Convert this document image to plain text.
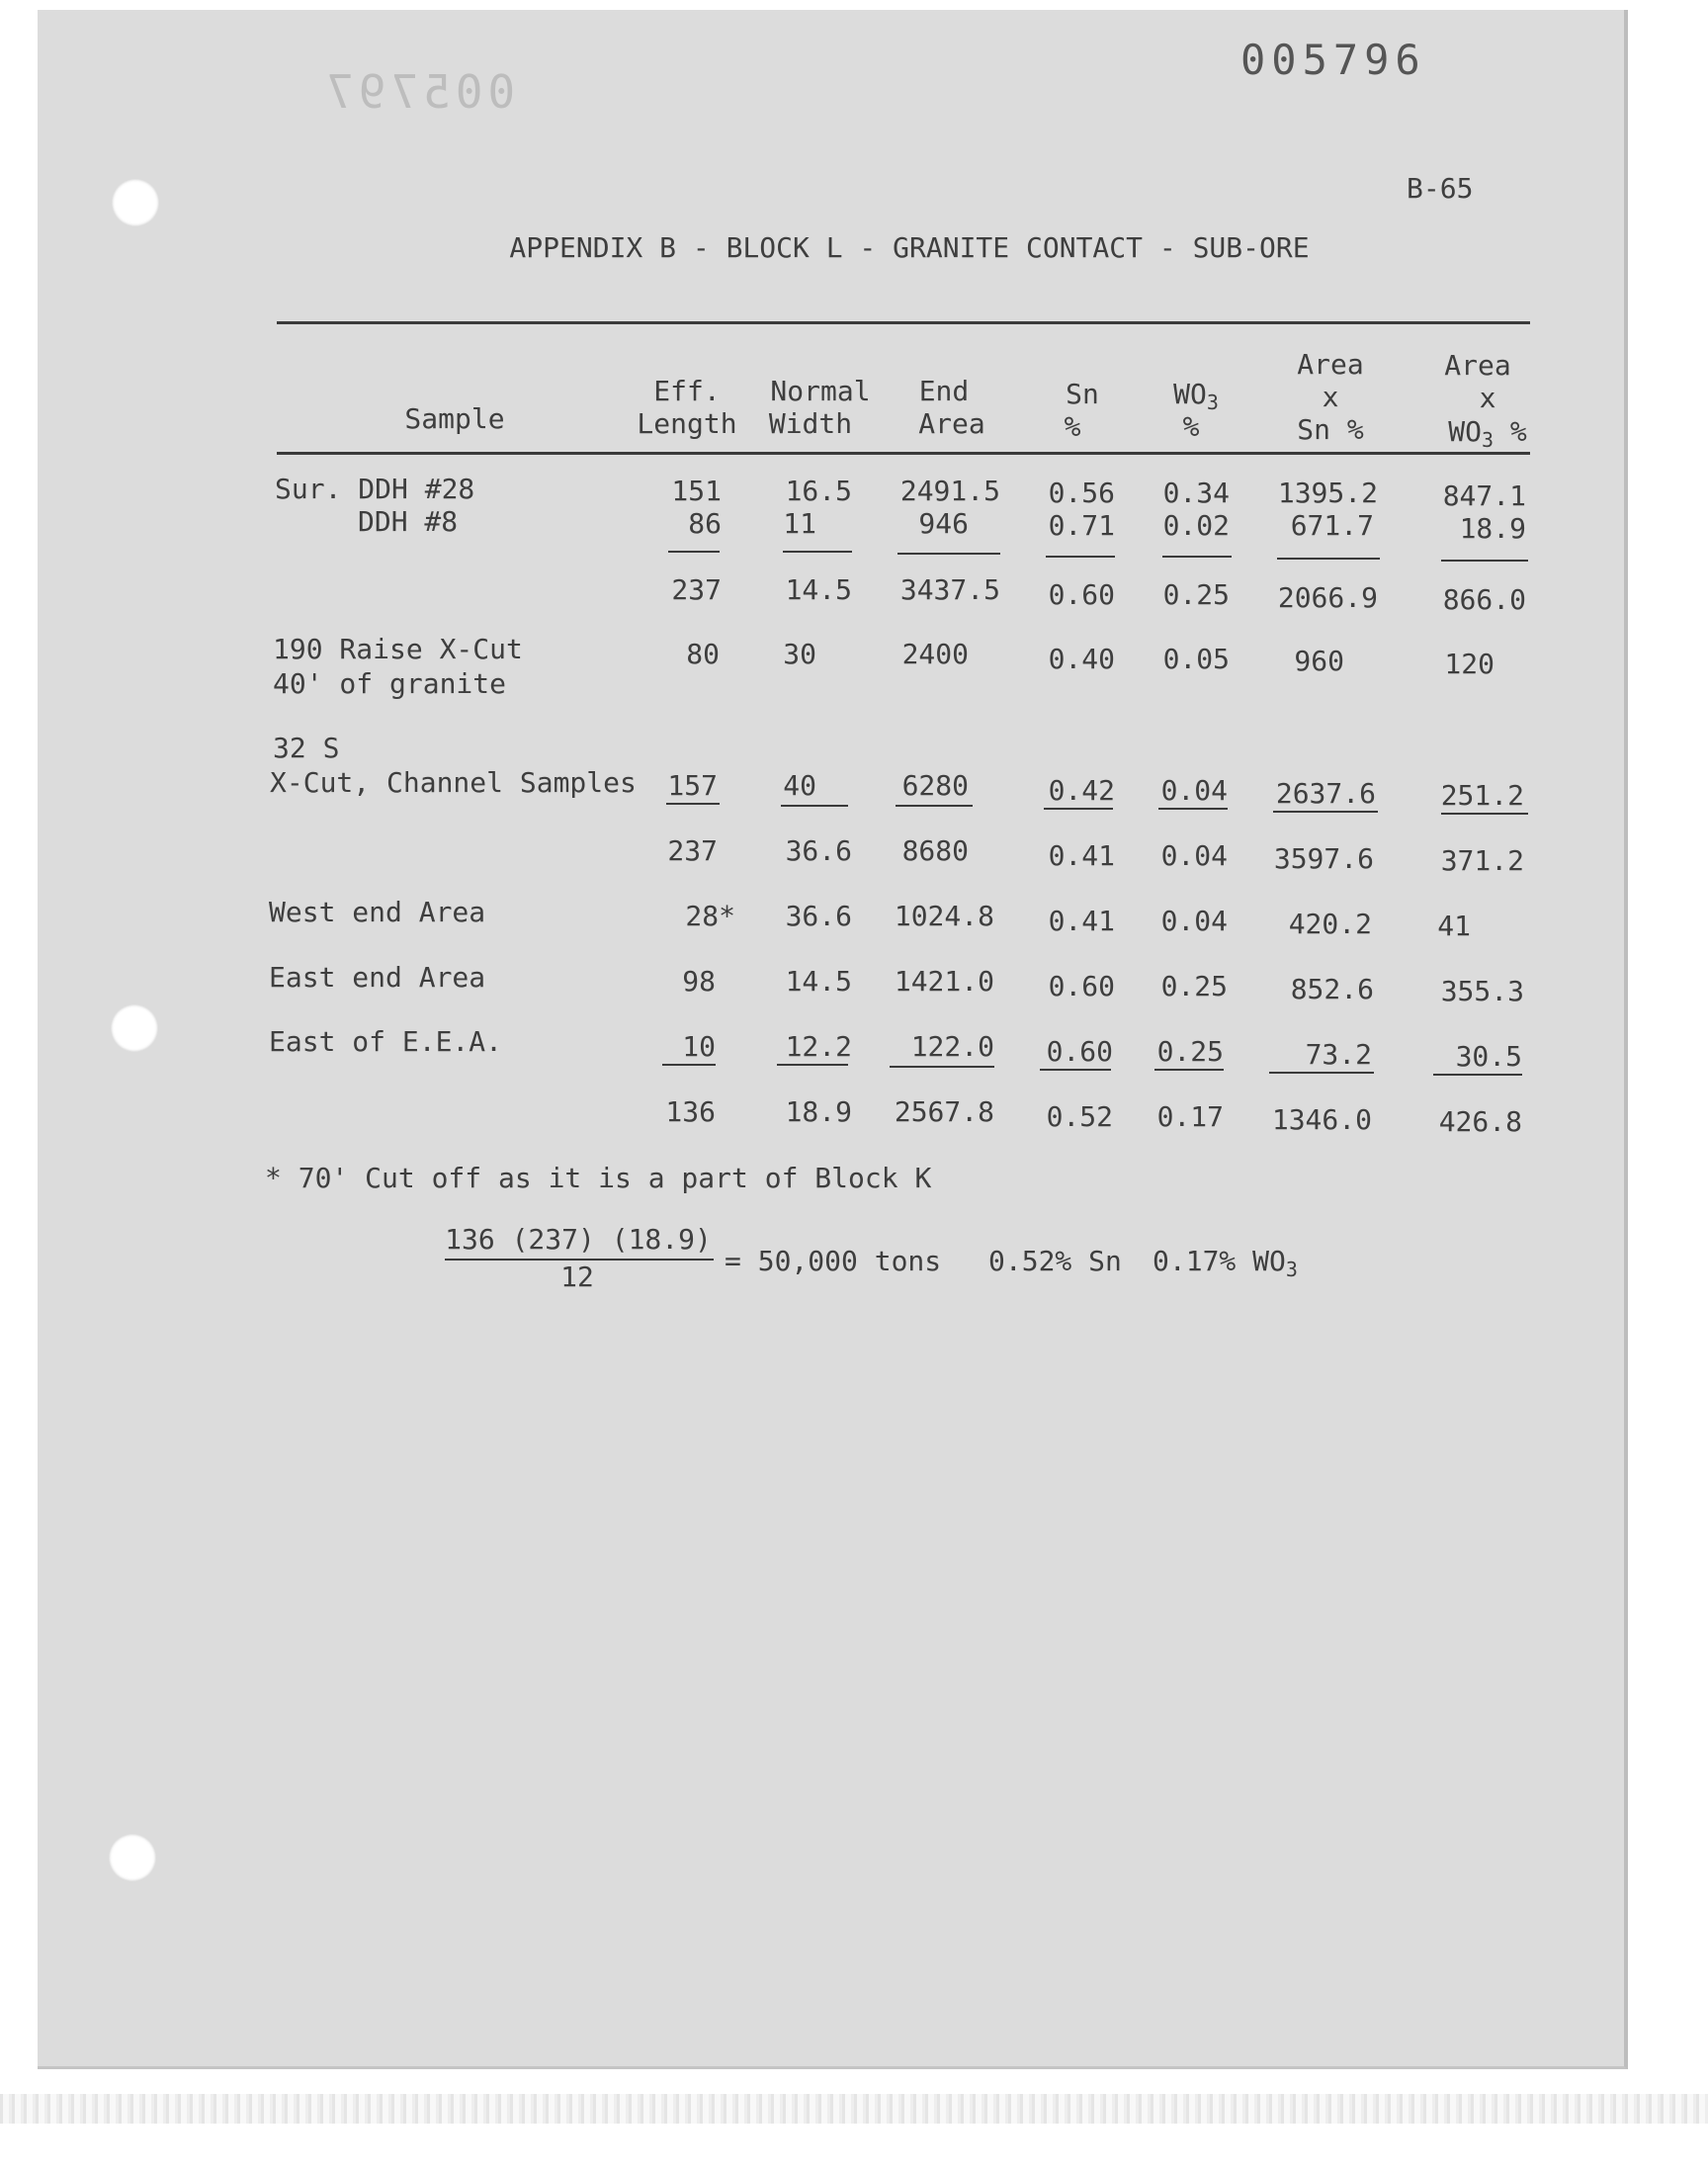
005796
005797
B-65
APPENDIX B - BLOCK L - GRANITE CONTACT - SUB-ORE
Sample
Eff.
Length
Normal
Width
End
Area
Sn
%
$WO_3$
%
Area
x
Sn %
Area
x
$WO_3$ %
Sur. DDH #28
DDH #8
190 Raise X-Cut
40' of granite
32 S
X-Cut, Channel Samples
West end Area
East end Area
East of E.E.A.
151
86
237
80
157
237
28*
98
10
136
16.5
11
14.5
30
40
36.6
36.6
14.5
12.2
18.9
2491.5
946
3437.5
2400
6280
8680
1024.8
1421.0
122.0
2567.8
0.56
0.71
0.60
0.40
0.42
0.41
0.41
0.60
0.60
0.52
0.34
0.02
0.25
0.05
0.04
0.04
0.04
0.25
0.25
0.17
1395.2
671.7
2066.9
960
2637.6
3597.6
420.2
852.6
73.2
1346.0
847.1
18.9
866.0
120
251.2
371.2
41
355.3
30.5
426.8
* 70' Cut off as it is a part of Block K
136 (237) (18.9)
12	= 50,000 tons 0.52% Sn 0.17% $WO_3$
